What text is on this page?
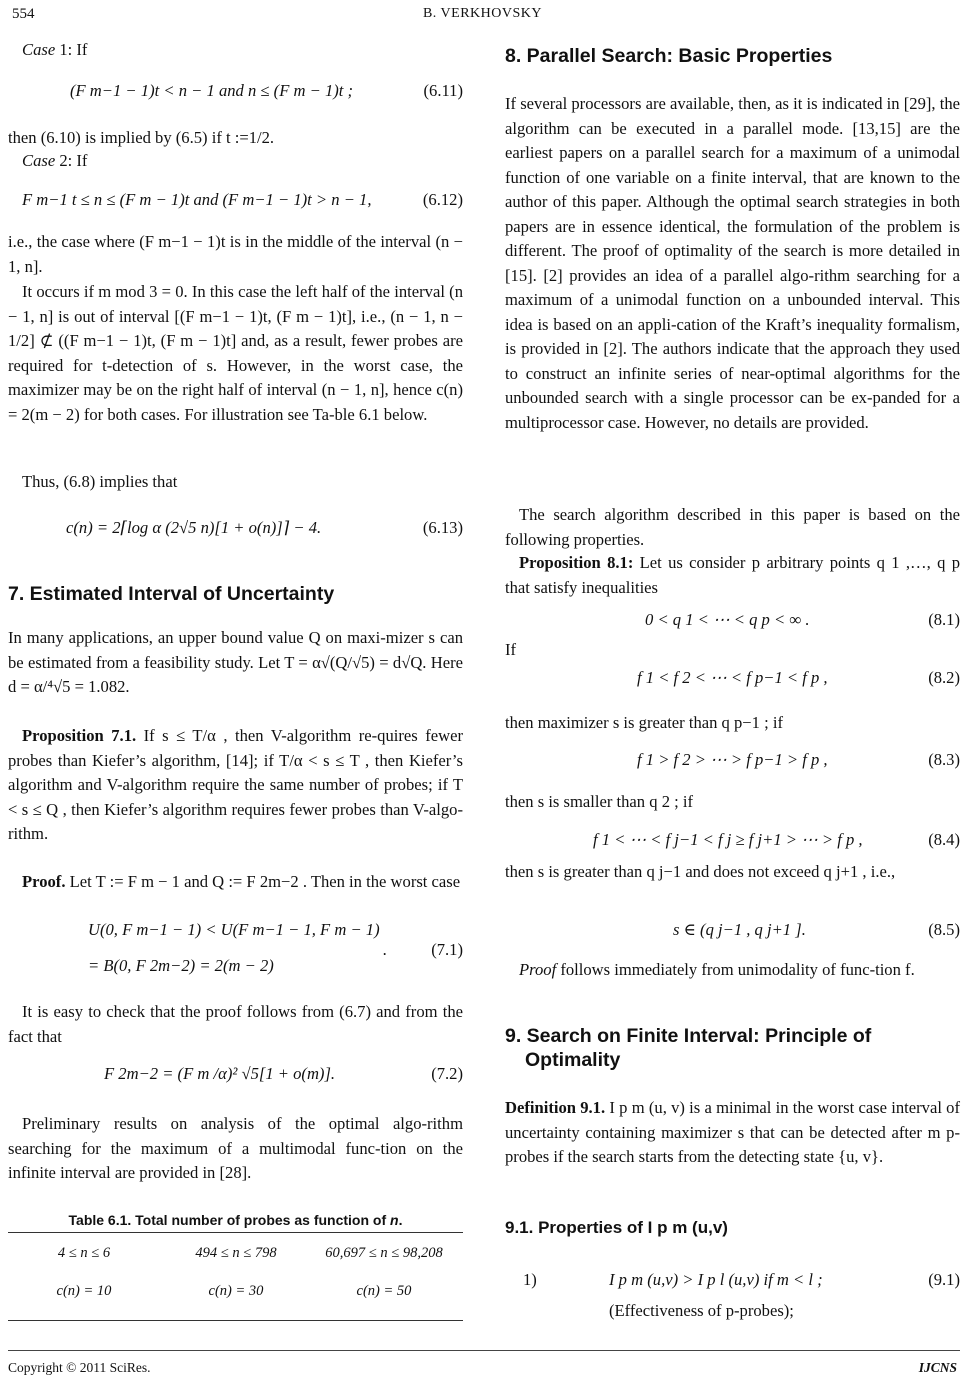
554	B. VERKHOVSKY
Case 1: If
(F m−1 − 1)t < n − 1 and n ≤ (F m − 1)t ;	(6.11)
then (6.10) is implied by (6.5) if t :=1/2.
Case 2: If
F m−1 t ≤ n ≤ (F m − 1)t and (F m−1 − 1)t > n − 1,	(6.12)
i.e., the case where (F m−1 − 1)t is in the middle of the interval (n − 1, n].
It occurs if m mod 3 = 0. In this case the left half of the interval (n − 1, n] is out of interval [(F m−1 − 1)t, (F m − 1)t], i.e., (n − 1, n − 1/2] ⊄ ((F m−1 − 1)t, (F m − 1)t] and, as a result, fewer probes are required for t-detection of s. However, in the worst case, the maximizer may be on the right half of interval (n − 1, n], hence c(n) = 2(m − 2) for both cases. For illustration see Ta-ble 6.1 below.
Thus, (6.8) implies that
c(n) = 2⌈log α (2√5 n)[1 + o(n)]⌉ − 4.	(6.13)
7. Estimated Interval of Uncertainty
In many applications, an upper bound value Q on maxi-mizer s can be estimated from a feasibility study. Let T = α√(Q/√5) = d√Q. Here d = α/⁴√5 = 1.082.
Proposition 7.1. If s ≤ T/α , then V-algorithm re-quires fewer probes than Kiefer’s algorithm, [14]; if T/α < s ≤ T , then Kiefer’s algorithm and V-algorithm require the same number of probes; if T < s ≤ Q , then Kiefer’s algorithm requires fewer probes than V-algo-rithm.
Proof. Let T := F m − 1 and Q := F 2m−2 . Then in the worst case
U(0, F m−1 − 1) < U(F m−1 − 1, F m − 1)
= B(0, F 2m−2) = 2(m − 2)
.	(7.1)
It is easy to check that the proof follows from (6.7) and from the fact that
F 2m−2 = (F m /α)² √5[1 + o(m)].	(7.2)
Preliminary results on analysis of the optimal algo-rithm searching for the maximum of a multimodal func-tion on the infinite interval are provided in [28].
Table 6.1. Total number of probes as function of n.
4 ≤ n ≤ 6	494 ≤ n ≤ 798	60,697 ≤ n ≤ 98,208
c(n) = 10	c(n) = 30	c(n) = 50
8. Parallel Search: Basic Properties
If several processors are available, then, as it is indicated in [29], the algorithm can be executed in a parallel mode. [13,15] are the earliest papers on a parallel search for a maximum of a unimodal function of one variable on a finite interval, that are known to the author of this paper. Although the optimal search strategies in both papers are in essence identical, the formulation of the problem is different. The proof of optimality of the search is more detailed in [15]. [2] provides an idea of a parallel algo-rithm searching for a maximum of a unimodal function on a unbounded interval. This idea is based on an appli-cation of the Kraft’s inequality formalism, is provided in [2]. The authors indicate that the approach they used to construct an infinite series of near-optimal algorithms for the unbounded search with a single processor can be ex-panded for a multiprocessor case. However, no details are provided.
The search algorithm described in this paper is based on the following properties.
Proposition 8.1: Let us consider p arbitrary points q 1 ,…, q p that satisfy inequalities
0 < q 1 < ⋯ < q p < ∞ .	(8.1)
If
f 1 < f 2 < ⋯ < f p−1 < f p ,	(8.2)
then maximizer s is greater than q p−1 ; if
f 1 > f 2 > ⋯ > f p−1 > f p ,	(8.3)
then s is smaller than q 2 ; if
f 1 < ⋯ < f j−1 < f j ≥ f j+1 > ⋯ > f p ,	(8.4)
then s is greater than q j−1 and does not exceed q j+1 , i.e.,
s ∈ (q j−1 , q j+1 ].	(8.5)
Proof follows immediately from unimodality of func-tion f.
9. Search on Finite Interval: Principle of Optimality
Definition 9.1. I p m (u, v) is a minimal in the worst case interval of uncertainty containing maximizer s that can be detected after m p-probes if the search starts from the detecting state {u, v}.
9.1. Properties of I p m (u,v)
1)	I p m (u,v) > I p l (u,v) if m < l ;	(9.1)
(Effectiveness of p-probes);
Copyright © 2011 SciRes.	IJCNS
